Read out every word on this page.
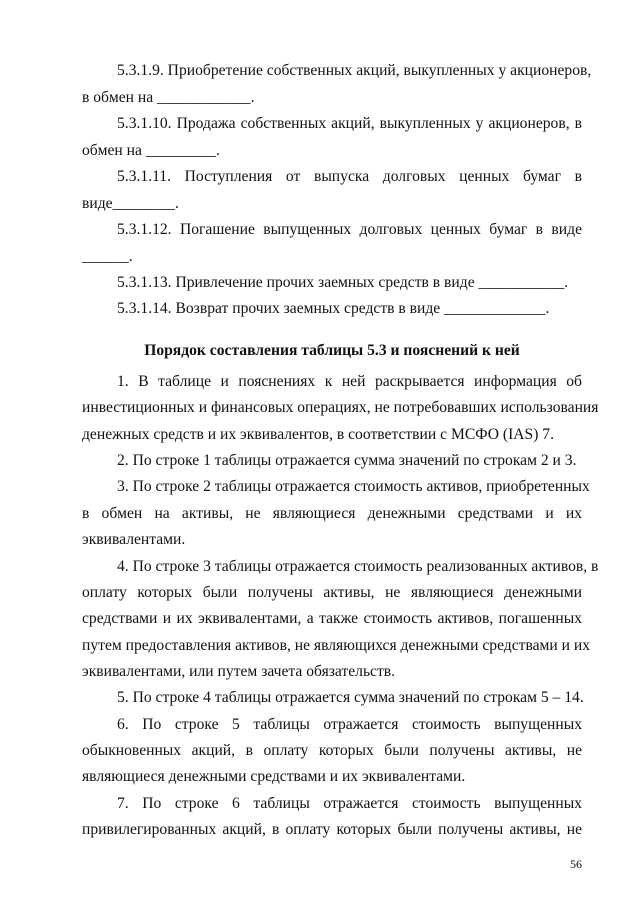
5.3.1.9. Приобретение собственных акций, выкупленных у акционеров,
в обмен на ____________.
5.3.1.10. Продажа собственных акций, выкупленных у акционеров, в
обмен на _________.
5.3.1.11. Поступления от выпуска долговых ценных бумаг в
виде________.
5.3.1.12. Погашение выпущенных долговых ценных бумаг в виде
______.
5.3.1.13. Привлечение прочих заемных средств в виде ___________.
5.3.1.14. Возврат прочих заемных средств в виде _____________.
Порядок составления таблицы 5.3 и пояснений к ней
1. В таблице и пояснениях к ней раскрывается информация об
инвестиционных и финансовых операциях, не потребовавших использования
денежных средств и их эквивалентов, в соответствии с МСФО (IAS) 7.
2. По строке 1 таблицы отражается сумма значений по строкам 2 и 3.
3. По строке 2 таблицы отражается стоимость активов, приобретенных
в обмен на активы, не являющиеся денежными средствами и их
эквивалентами.
4. По строке 3 таблицы отражается стоимость реализованных активов, в
оплату которых были получены активы, не являющиеся денежными
средствами и их эквивалентами, а также стоимость активов, погашенных
путем предоставления активов, не являющихся денежными средствами и их
эквивалентами, или путем зачета обязательств.
5. По строке 4 таблицы отражается сумма значений по строкам 5 – 14.
6. По строке 5 таблицы отражается стоимость выпущенных
обыкновенных акций, в оплату которых были получены активы, не
являющиеся денежными средствами и их эквивалентами.
7. По строке 6 таблицы отражается стоимость выпущенных
привилегированных акций, в оплату которых были получены активы, не
56
